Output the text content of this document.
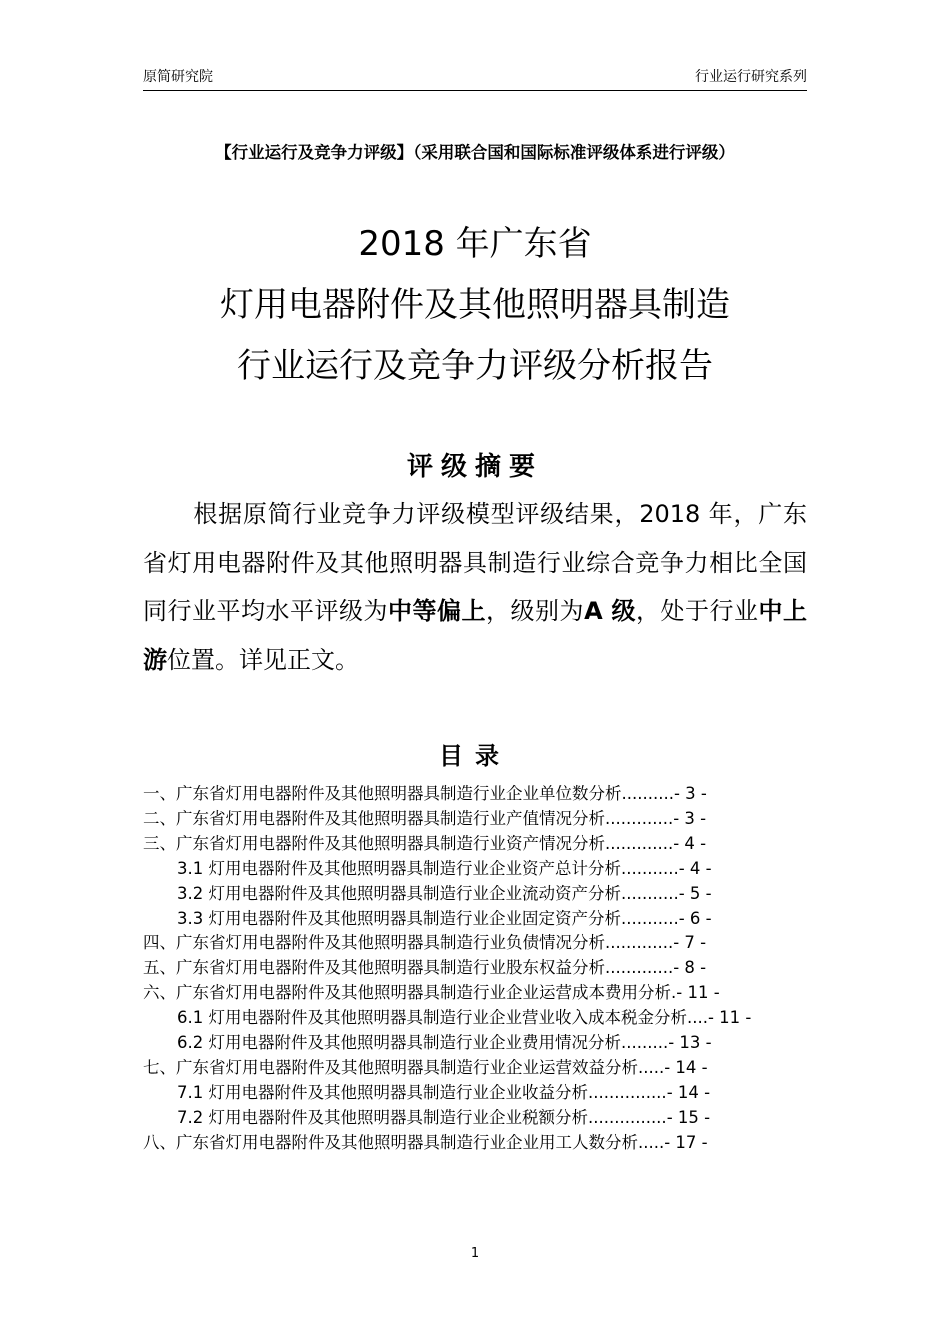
原简研究院	行业运行研究系列
【行业运行及竞争力评级】（采用联合国和国际标准评级体系进行评级）
2018 年广东省
灯用电器附件及其他照明器具制造
行业运行及竞争力评级分析报告
评级摘要
根据原简行业竞争力评级模型评级结果，2018 年，广东省灯用电器附件及其他照明器具制造行业综合竞争力相比全国同行业平均水平评级为中等偏上，级别为A 级，处于行业中上游位置。详见正文。
目录
一、广东省灯用电器附件及其他照明器具制造行业企业单位数分析..........- 3 -
二、广东省灯用电器附件及其他照明器具制造行业产值情况分析.............- 3 -
三、广东省灯用电器附件及其他照明器具制造行业资产情况分析.............- 4 -
3.1 灯用电器附件及其他照明器具制造行业企业资产总计分析...........- 4 -
3.2 灯用电器附件及其他照明器具制造行业企业流动资产分析...........- 5 -
3.3 灯用电器附件及其他照明器具制造行业企业固定资产分析...........- 6 -
四、广东省灯用电器附件及其他照明器具制造行业负债情况分析.............- 7 -
五、广东省灯用电器附件及其他照明器具制造行业股东权益分析.............- 8 -
六、广东省灯用电器附件及其他照明器具制造行业企业运营成本费用分析.- 11 -
6.1 灯用电器附件及其他照明器具制造行业企业营业收入成本税金分析....- 11 -
6.2 灯用电器附件及其他照明器具制造行业企业费用情况分析.........- 13 -
七、广东省灯用电器附件及其他照明器具制造行业企业运营效益分析.....- 14 -
7.1 灯用电器附件及其他照明器具制造行业企业收益分析...............- 14 -
7.2 灯用电器附件及其他照明器具制造行业企业税额分析...............- 15 -
八、广东省灯用电器附件及其他照明器具制造行业企业用工人数分析.....- 17 -
1
